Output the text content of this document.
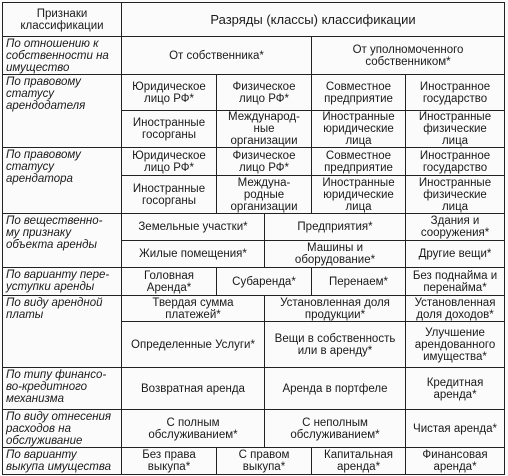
Признаки классификации	Разряды (классы) классификации				
По отношению к собственности на имущество	От собственника*			От уполномоченного собственником*	
По правовому статусу арендодателя	Юридическое лицо РФ*	Физическое лицо РФ*		Совместное предприятие	Иностранное государство
	Иностранные госорганы	Международ- ные организации		Иностранные юридические лица	Иностранные физические лица
По правовому статусу арендатора	Юридическое лицо РФ*	Физическое лицо РФ*		Совместное предприятие	Иностранное государство
	Иностранные госорганы	Междуна- родные организации		Иностранные юридические лица	Иностранные физические лица
По вещественно- му признаку объекта аренды	Земельные участки*		Предприятия*		Здания и сооружения*
	Жилые помещения*		Машины и оборудование*		Другие вещи*
По варианту пере- уступки аренды	Головная Аренда*	Субаренда*		Перенаем*	Без поднайма и перенайма*
По виду арендной платы	Твердая сумма платежей*		Установленная доля продукции*		Установленная доля доходов*
	Определенные Услуги*		Вещи в собственность или в аренду*		Улучшение арендованного имущества*
По типу финансо- во-кредитного механизма	Возвратная аренда		Аренда в портфеле		Кредитная аренда*
По виду отнесения расходов на обслуживание	С полным обслуживанием*		С неполным обслуживанием*		Чистая аренда*
По варианту выкупа имущества	Без права выкупа*	С правом выкупа*		Капитальная аренда*	Финансовая аренда*
